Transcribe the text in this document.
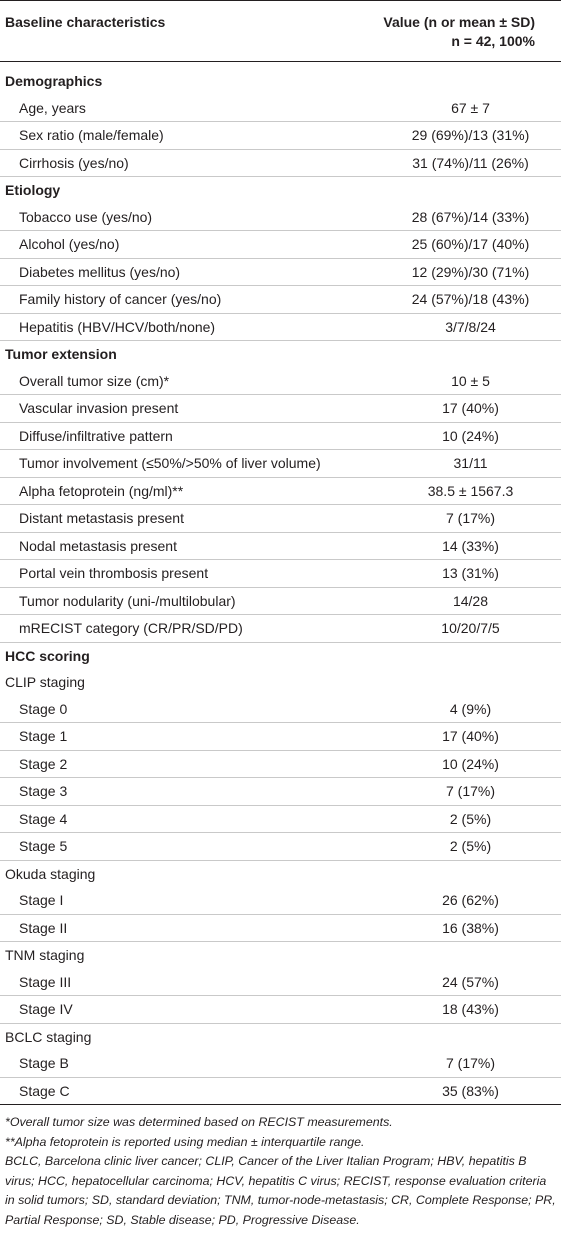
Baseline characteristics	Value (n or mean ± SD)
n = 42, 100%

Demographics	
Age, years	67 ± 7
Sex ratio (male/female)	29 (69%)/13 (31%)
Cirrhosis (yes/no)	31 (74%)/11 (26%)
Etiology	
Tobacco use (yes/no)	28 (67%)/14 (33%)
Alcohol (yes/no)	25 (60%)/17 (40%)
Diabetes mellitus (yes/no)	12 (29%)/30 (71%)
Family history of cancer (yes/no)	24 (57%)/18 (43%)
Hepatitis (HBV/HCV/both/none)	3/7/8/24
Tumor extension	
Overall tumor size (cm)*	10 ± 5
Vascular invasion present	17 (40%)
Diffuse/infiltrative pattern	10 (24%)
Tumor involvement (≤50%/>50% of liver volume)	31/11
Alpha fetoprotein (ng/ml)**	38.5 ± 1567.3
Distant metastasis present	7 (17%)
Nodal metastasis present	14 (33%)
Portal vein thrombosis present	13 (31%)
Tumor nodularity (uni-/multilobular)	14/28
mRECIST category (CR/PR/SD/PD)	10/20/7/5
HCC scoring	
CLIP staging	
Stage 0	4 (9%)
Stage 1	17 (40%)
Stage 2	10 (24%)
Stage 3	7 (17%)
Stage 4	2 (5%)
Stage 5	2 (5%)
Okuda staging	
Stage I	26 (62%)
Stage II	16 (38%)
TNM staging	
Stage III	24 (57%)
Stage IV	18 (43%)
BCLC staging	
Stage B	7 (17%)
Stage C	35 (83%)

*Overall tumor size was determined based on RECIST measurements.

**Alpha fetoprotein is reported using median ± interquartile range.

BCLC, Barcelona clinic liver cancer; CLIP, Cancer of the Liver Italian Program; HBV, hepatitis B virus; HCC, hepatocellular carcinoma; HCV, hepatitis C virus; RECIST, response evaluation criteria in solid tumors; SD, standard deviation; TNM, tumor-node-metastasis; CR, Complete Response; PR, Partial Response; SD, Stable disease; PD, Progressive Disease.
